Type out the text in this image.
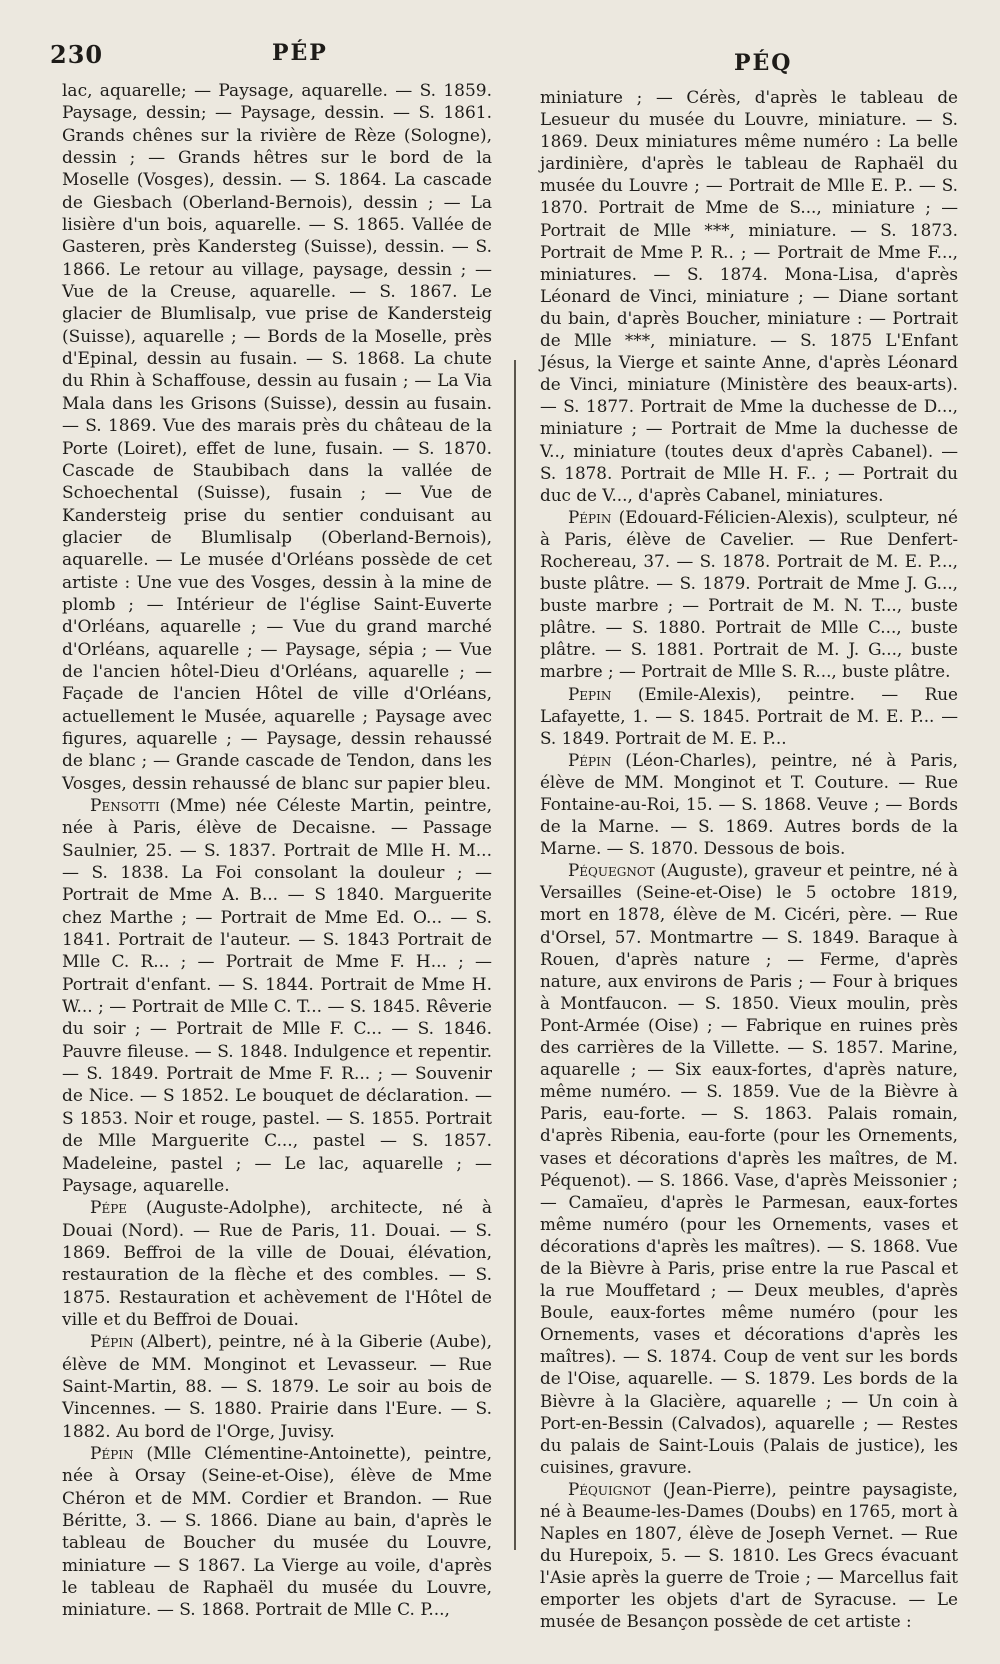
230	PÉP	PÉQ

lac, aquarelle; — Paysage, aquarelle. — S. 1859. Paysage, dessin; — Paysage, dessin. — S. 1861. Grands chênes sur la rivière de Rèze (Sologne), dessin ; — Grands hêtres sur le bord de la Moselle (Vosges), dessin. — S. 1864. La cascade de Giesbach (Oberland-Bernois), dessin ; — La lisière d'un bois, aquarelle. — S. 1865. Vallée de Gasteren, près Kandersteg (Suisse), dessin. — S. 1866. Le retour au village, paysage, dessin ; — Vue de la Creuse, aquarelle. — S. 1867. Le glacier de Blumlisalp, vue prise de Kandersteig (Suisse), aquarelle ; — Bords de la Moselle, près d'Epinal, dessin au fusain. — S. 1868. La chute du Rhin à Schaffouse, dessin au fusain ; — La Via Mala dans les Grisons (Suisse), dessin au fusain. — S. 1869. Vue des marais près du château de la Porte (Loiret), effet de lune, fusain. — S. 1870. Cascade de Staubibach dans la vallée de Schoechental (Suisse), fusain ; — Vue de Kandersteig prise du sentier conduisant au glacier de Blumlisalp (Oberland-Bernois), aquarelle. — Le musée d'Orléans possède de cet artiste : Une vue des Vosges, dessin à la mine de plomb ; — Intérieur de l'église Saint-Euverte d'Orléans, aquarelle ; — Vue du grand marché d'Orléans, aquarelle ; — Paysage, sépia ; — Vue de l'ancien hôtel-Dieu d'Orléans, aquarelle ; — Façade de l'ancien Hôtel de ville d'Orléans, actuellement le Musée, aquarelle ; Paysage avec figures, aquarelle ; — Paysage, dessin rehaussé de blanc ; — Grande cascade de Tendon, dans les Vosges, dessin rehaussé de blanc sur papier bleu.

Pensotti (Mme) née Céleste Martin, peintre, née à Paris, élève de Decaisne. — Passage Saulnier, 25. — S. 1837. Portrait de Mlle H. M... — S. 1838. La Foi consolant la douleur ; — Portrait de Mme A. B... — S 1840. Marguerite chez Marthe ; — Portrait de Mme Ed. O... — S. 1841. Portrait de l'auteur. — S. 1843 Portrait de Mlle C. R... ; — Portrait de Mme F. H... ; — Portrait d'enfant. — S. 1844. Portrait de Mme H. W... ; — Portrait de Mlle C. T... — S. 1845. Rêverie du soir ; — Portrait de Mlle F. C... — S. 1846. Pauvre fileuse. — S. 1848. Indulgence et repentir. — S. 1849. Portrait de Mme F. R... ; — Souvenir de Nice. — S 1852. Le bouquet de déclaration. — S 1853. Noir et rouge, pastel. — S. 1855. Portrait de Mlle Marguerite C..., pastel — S. 1857. Madeleine, pastel ; — Le lac, aquarelle ; — Paysage, aquarelle.

Pépe (Auguste-Adolphe), architecte, né à Douai (Nord). — Rue de Paris, 11. Douai. — S. 1869. Beffroi de la ville de Douai, élévation, restauration de la flèche et des combles. — S. 1875. Restauration et achèvement de l'Hôtel de ville et du Beffroi de Douai.

Pépin (Albert), peintre, né à la Giberie (Aube), élève de MM. Monginot et Levasseur. — Rue Saint-Martin, 88. — S. 1879. Le soir au bois de Vincennes. — S. 1880. Prairie dans l'Eure. — S. 1882. Au bord de l'Orge, Juvisy.

Pépin (Mlle Clémentine-Antoinette), peintre, née à Orsay (Seine-et-Oise), élève de Mme Chéron et de MM. Cordier et Brandon. — Rue Béritte, 3. — S. 1866. Diane au bain, d'après le tableau de Boucher du musée du Louvre, miniature — S 1867. La Vierge au voile, d'après le tableau de Raphaël du musée du Louvre, miniature. — S. 1868. Portrait de Mlle C. P...,

miniature ; — Cérès, d'après le tableau de Lesueur du musée du Louvre, miniature. — S. 1869. Deux miniatures même numéro : La belle jardinière, d'après le tableau de Raphaël du musée du Louvre ; — Portrait de Mlle E. P.. — S. 1870. Portrait de Mme de S..., miniature ; — Portrait de Mlle ***, miniature. — S. 1873. Portrait de Mme P. R.. ; — Portrait de Mme F..., miniatures. — S. 1874. Mona-Lisa, d'après Léonard de Vinci, miniature ; — Diane sortant du bain, d'après Boucher, miniature : — Portrait de Mlle ***, miniature. — S. 1875 L'Enfant Jésus, la Vierge et sainte Anne, d'après Léonard de Vinci, miniature (Ministère des beaux-arts). — S. 1877. Portrait de Mme la duchesse de D..., miniature ; — Portrait de Mme la duchesse de V.., miniature (toutes deux d'après Cabanel). — S. 1878. Portrait de Mlle H. F.. ; — Portrait du duc de V..., d'après Cabanel, miniatures.

Pépin (Edouard-Félicien-Alexis), sculpteur, né à Paris, élève de Cavelier. — Rue Denfert-Rochereau, 37. — S. 1878. Portrait de M. E. P..., buste plâtre. — S. 1879. Portrait de Mme J. G..., buste marbre ; — Portrait de M. N. T..., buste plâtre. — S. 1880. Portrait de Mlle C..., buste plâtre. — S. 1881. Portrait de M. J. G..., buste marbre ; — Portrait de Mlle S. R..., buste plâtre.

Pepin (Emile-Alexis), peintre. — Rue Lafayette, 1. — S. 1845. Portrait de M. E. P... — S. 1849. Portrait de M. E. P...

Pépin (Léon-Charles), peintre, né à Paris, élève de MM. Monginot et T. Couture. — Rue Fontaine-au-Roi, 15. — S. 1868. Veuve ; — Bords de la Marne. — S. 1869. Autres bords de la Marne. — S. 1870. Dessous de bois.

Péquegnot (Auguste), graveur et peintre, né à Versailles (Seine-et-Oise) le 5 octobre 1819, mort en 1878, élève de M. Cicéri, père. — Rue d'Orsel, 57. Montmartre — S. 1849. Baraque à Rouen, d'après nature ; — Ferme, d'après nature, aux environs de Paris ; — Four à briques à Montfaucon. — S. 1850. Vieux moulin, près Pont-Armée (Oise) ; — Fabrique en ruines près des carrières de la Villette. — S. 1857. Marine, aquarelle ; — Six eaux-fortes, d'après nature, même numéro. — S. 1859. Vue de la Bièvre à Paris, eau-forte. — S. 1863. Palais romain, d'après Ribenia, eau-forte (pour les Ornements, vases et décorations d'après les maîtres, de M. Péquenot). — S. 1866. Vase, d'après Meissonier ; — Camaïeu, d'après le Parmesan, eaux-fortes même numéro (pour les Ornements, vases et décorations d'après les maîtres). — S. 1868. Vue de la Bièvre à Paris, prise entre la rue Pascal et la rue Mouffetard ; — Deux meubles, d'après Boule, eaux-fortes même numéro (pour les Ornements, vases et décorations d'après les maîtres). — S. 1874. Coup de vent sur les bords de l'Oise, aquarelle. — S. 1879. Les bords de la Bièvre à la Glacière, aquarelle ; — Un coin à Port-en-Bessin (Calvados), aquarelle ; — Restes du palais de Saint-Louis (Palais de justice), les cuisines, gravure.

Péquignot (Jean-Pierre), peintre paysagiste, né à Beaume-les-Dames (Doubs) en 1765, mort à Naples en 1807, élève de Joseph Vernet. — Rue du Hurepoix, 5. — S. 1810. Les Grecs évacuant l'Asie après la guerre de Troie ; — Marcellus fait emporter les objets d'art de Syracuse. — Le musée de Besançon possède de cet artiste :
